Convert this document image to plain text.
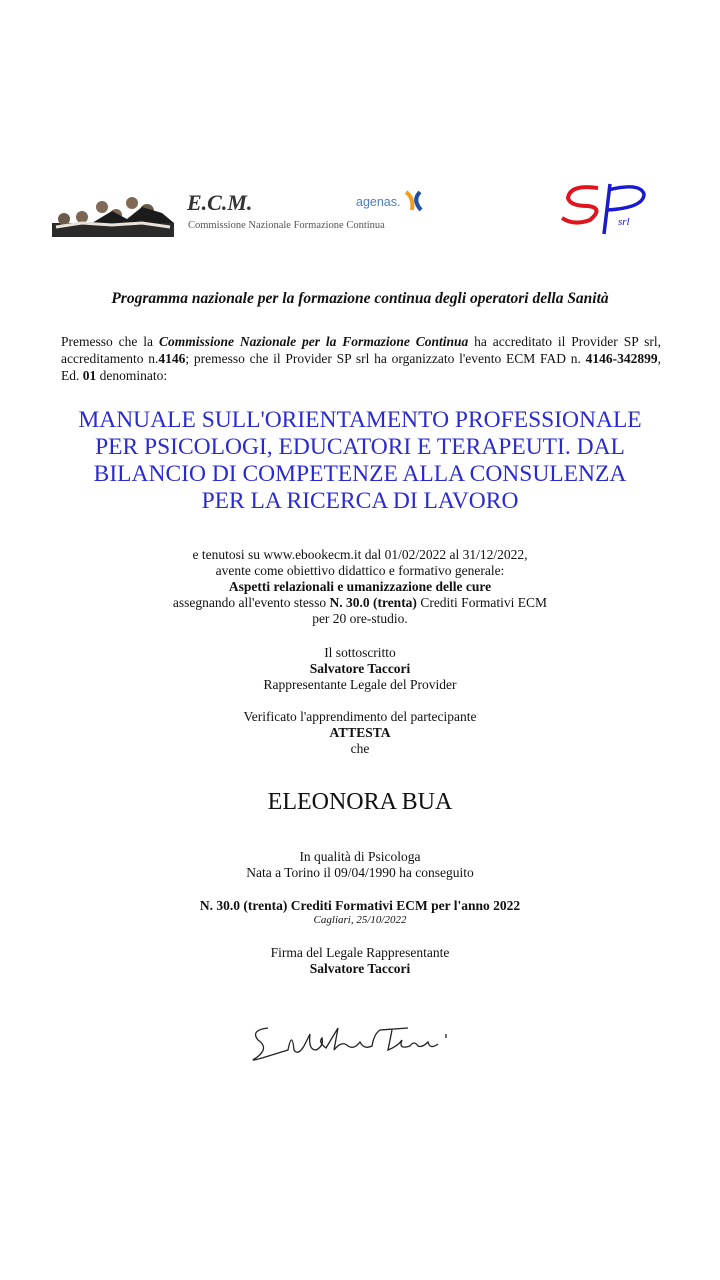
E.C.M.
Commissione Nazionale Formazione Continua
agenas.
srl
Programma nazionale per la formazione continua degli operatori della Sanità
Premesso che la Commissione Nazionale per la Formazione Continua ha accreditato il Provider SP srl, accreditamento n.4146; premesso che il Provider SP srl ha organizzato l'evento ECM FAD n. 4146-342899, Ed. 01 denominato:
MANUALE SULL'ORIENTAMENTO PROFESSIONALE
PER PSICOLOGI, EDUCATORI E TERAPEUTI. DAL
BILANCIO DI COMPETENZE ALLA CONSULENZA
PER LA RICERCA DI LAVORO
e tenutosi su www.ebookecm.it dal 01/02/2022 al 31/12/2022,
avente come obiettivo didattico e formativo generale:
Aspetti relazionali e umanizzazione delle cure
assegnando all'evento stesso N. 30.0 (trenta) Crediti Formativi ECM
per 20 ore-studio.
Il sottoscritto
Salvatore Taccori
Rappresentante Legale del Provider
Verificato l'apprendimento del partecipante
ATTESTA
che
ELEONORA BUA
In qualità di Psicologa
Nata a Torino il 09/04/1990 ha conseguito
N. 30.0 (trenta) Crediti Formativi ECM per l'anno 2022
Cagliari, 25/10/2022
Firma del Legale Rappresentante
Salvatore Taccori
